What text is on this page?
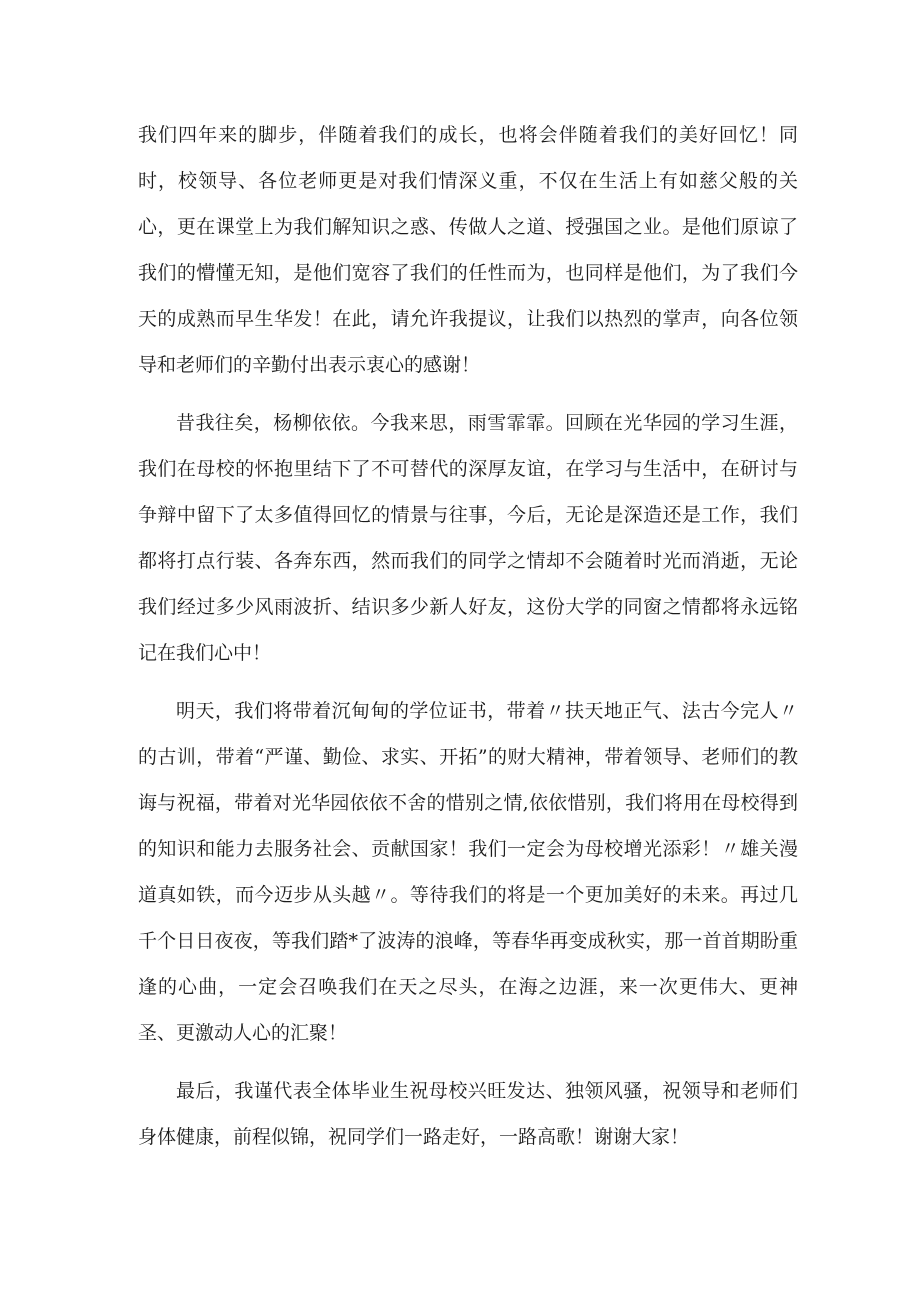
我们四年来的脚步，伴随着我们的成长，也将会伴随着我们的美好回忆！同时，校领导、各位老师更是对我们情深义重，不仅在生活上有如慈父般的关心，更在课堂上为我们解知识之惑、传做人之道、授强国之业。是他们原谅了我们的懵懂无知，是他们宽容了我们的任性而为，也同样是他们，为了我们今天的成熟而早生华发！在此，请允许我提议，让我们以热烈的掌声，向各位领导和老师们的辛勤付出表示衷心的感谢！

昔我往矣，杨柳依依。今我来思，雨雪霏霏。回顾在光华园的学习生涯，我们在母校的怀抱里结下了不可替代的深厚友谊，在学习与生活中，在研讨与争辩中留下了太多值得回忆的情景与往事，今后，无论是深造还是工作，我们都将打点行装、各奔东西，然而我们的同学之情却不会随着时光而消逝，无论我们经过多少风雨波折、结识多少新人好友，这份大学的同窗之情都将永远铭记在我们心中！

明天，我们将带着沉甸甸的学位证书，带着〃扶天地正气、法古今完人〃的古训，带着“严谨、勤俭、求实、开拓”的财大精神，带着领导、老师们的教诲与祝福，带着对光华园依依不舍的惜别之情,依依惜别，我们将用在母校得到的知识和能力去服务社会、贡献国家！我们一定会为母校增光添彩！〃雄关漫道真如铁，而今迈步从头越〃。等待我们的将是一个更加美好的未来。再过几千个日日夜夜，等我们踏*了波涛的浪峰，等春华再变成秋实，那一首首期盼重逢的心曲，一定会召唤我们在天之尽头，在海之边涯，来一次更伟大、更神圣、更激动人心的汇聚！

最后，我谨代表全体毕业生祝母校兴旺发达、独领风骚，祝领导和老师们身体健康，前程似锦，祝同学们一路走好，一路高歌！谢谢大家！
